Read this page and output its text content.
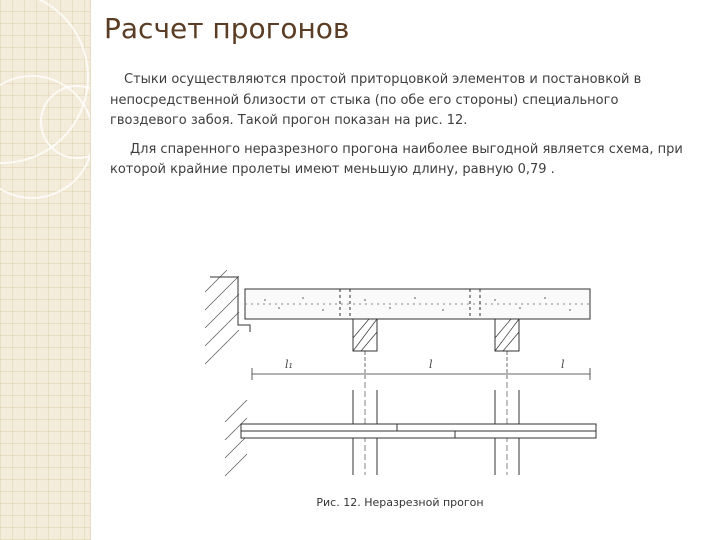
Расчет прогонов

Стыки осуществляются простой приторцовкой элементов и постановкой в непосредственной близости от стыка (по обе его стороны) специального гвоздевого забоя. Такой прогон показан на рис. 12.

Для спаренного неразрезного прогона наиболее выгодной является схема, при которой крайние пролеты имеют меньшую длину, равную 0,79 .

l₁	l	l
Рис. 12. Неразрезной прогон
